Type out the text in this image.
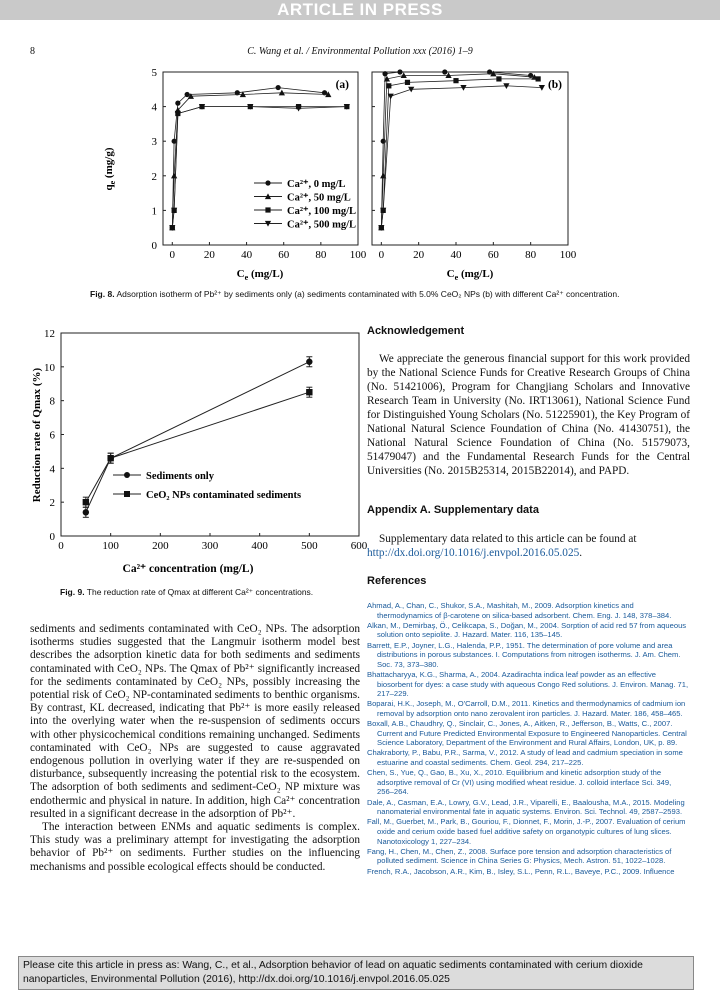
ARTICLE IN PRESS
8	C. Wang et al. / Environmental Pollution xxx (2016) 1–9
0	20 40 60 80 100
0
1
2
3
4
5
0	20 40 60 80 100
$q_e$ (mg/g)
$C_e$ (mg/L)	$C_e$ (mg/L)
(a)	(b)
Ca²⁺, 0 mg/L
Ca²⁺, 50 mg/L
Ca²⁺, 100 mg/L
Ca²⁺, 500 mg/L
Fig. 8. Adsorption isotherm of Pb²⁺ by sediments only (a) sediments contaminated with 5.0% CeO₂ NPs (b) with different Ca²⁺ concentration.
0	100	200	300	400	500	600
0
2
4
6
8
10
12
Reduction rate of Qmax (%)
Ca²⁺ concentration (mg/L)
Sediments only
CeO₂ NPs contaminated sediments
Fig. 9. The reduction rate of Qmax at different Ca²⁺ concentrations.

sediments and sediments contaminated with CeO₂ NPs. The adsorption isotherms studies suggested that the Langmuir isotherm model best describes the adsorption kinetic data for both sediments and sediments contaminated with CeO₂ NPs. The Qmax of Pb²⁺ significantly increased for the sediments contaminated by CeO₂ NPs, possibly increasing the potential risk of CeO₂ NP-contaminated sediments to benthic organisms. By contrast, KL decreased, indicating that Pb²⁺ is more easily released into the overlying water when the re-suspension of sediments occurs with other physicochemical conditions remaining unchanged. Sediments contaminated with CeO₂ NPs are suggested to cause aggravated endogenous pollution in overlying water if they are re-suspended on disturbance, subsequently increasing the potential risk to the ecosystem. The adsorption of both sediments and sediment-CeO₂ NP mixture was endothermic and physical in nature. In addition, high Ca²⁺ concentration resulted in a significant decrease in the adsorption of Pb²⁺.

The interaction between ENMs and aquatic sediments is complex. This study was a preliminary attempt for investigating the adsorption behavior of Pb²⁺ on sediments. Further studies on the influencing mechanisms and possible ecological effects should be conducted.

Acknowledgement
We appreciate the generous financial support for this work provided by the National Science Funds for Creative Research Groups of China (No. 51421006), Program for Changjiang Scholars and Innovative Research Team in University (No. IRT13061), National Science Fund for Distinguished Young Scholars (No. 51225901), the Key Program of National Natural Science Foundation of China (No. 41430751), the National Natural Science Foundation of China (No. 51579073, 51479047) and the Fundamental Research Funds for the Central Universities (No. 2015B25314, 2015B22014), and PAPD.
Appendix A. Supplementary data
Supplementary data related to this article can be found at http://dx.doi.org/10.1016/j.envpol.2016.05.025.
References
Ahmad, A., Chan, C., Shukor, S.A., Mashitah, M., 2009. Adsorption kinetics and thermodynamics of β-carotene on silica-based adsorbent. Chem. Eng. J. 148, 378–384.
Alkan, M., Demirbaş, Ö., Celikcapa, S., Doğan, M., 2004. Sorption of acid red 57 from aqueous solution onto sepiolite. J. Hazard. Mater. 116, 135–145.
Barrett, E.P., Joyner, L.G., Halenda, P.P., 1951. The determination of pore volume and area distributions in porous substances. I. Computations from nitrogen isotherms. J. Am. Chem. Soc. 73, 373–380.
Bhattacharyya, K.G., Sharma, A., 2004. Azadirachta indica leaf powder as an effective biosorbent for dyes: a case study with aqueous Congo Red solutions. J. Environ. Manag. 71, 217–229.
Boparai, H.K., Joseph, M., O'Carroll, D.M., 2011. Kinetics and thermodynamics of cadmium ion removal by adsorption onto nano zerovalent iron particles. J. Hazard. Mater. 186, 458–465.
Boxall, A.B., Chaudhry, Q., Sinclair, C., Jones, A., Aitken, R., Jefferson, B., Watts, C., 2007. Current and Future Predicted Environmental Exposure to Engineered Nanoparticles. Central Science Laboratory, Department of the Environment and Rural Affairs, London, UK, p. 89.
Chakraborty, P., Babu, P.R., Sarma, V., 2012. A study of lead and cadmium speciation in some estuarine and coastal sediments. Chem. Geol. 294, 217–225.
Chen, S., Yue, Q., Gao, B., Xu, X., 2010. Equilibrium and kinetic adsorption study of the adsorptive removal of Cr (VI) using modified wheat residue. J. colloid interface Sci. 349, 256–264.
Dale, A., Casman, E.A., Lowry, G.V., Lead, J.R., Viparelli, E., Baalousha, M.A., 2015. Modeling nanomaterial environmental fate in aquatic systems. Environ. Sci. Technol. 49, 2587–2593.
Fall, M., Guerbet, M., Park, B., Gouriou, F., Dionnet, F., Morin, J.-P., 2007. Evaluation of cerium oxide and cerium oxide based fuel additive safety on organotypic cultures of lung slices. Nanotoxicology 1, 227–234.
Fang, H., Chen, M., Chen, Z., 2008. Surface pore tension and adsorption characteristics of polluted sediment. Science in China Series G: Physics, Mech. Astron. 51, 1022–1028.
French, R.A., Jacobson, A.R., Kim, B., Isley, S.L., Penn, R.L., Baveye, P.C., 2009. Influence
Please cite this article in press as: Wang, C., et al., Adsorption behavior of lead on aquatic sediments contaminated with cerium dioxide nanoparticles, Environmental Pollution (2016), http://dx.doi.org/10.1016/j.envpol.2016.05.025
